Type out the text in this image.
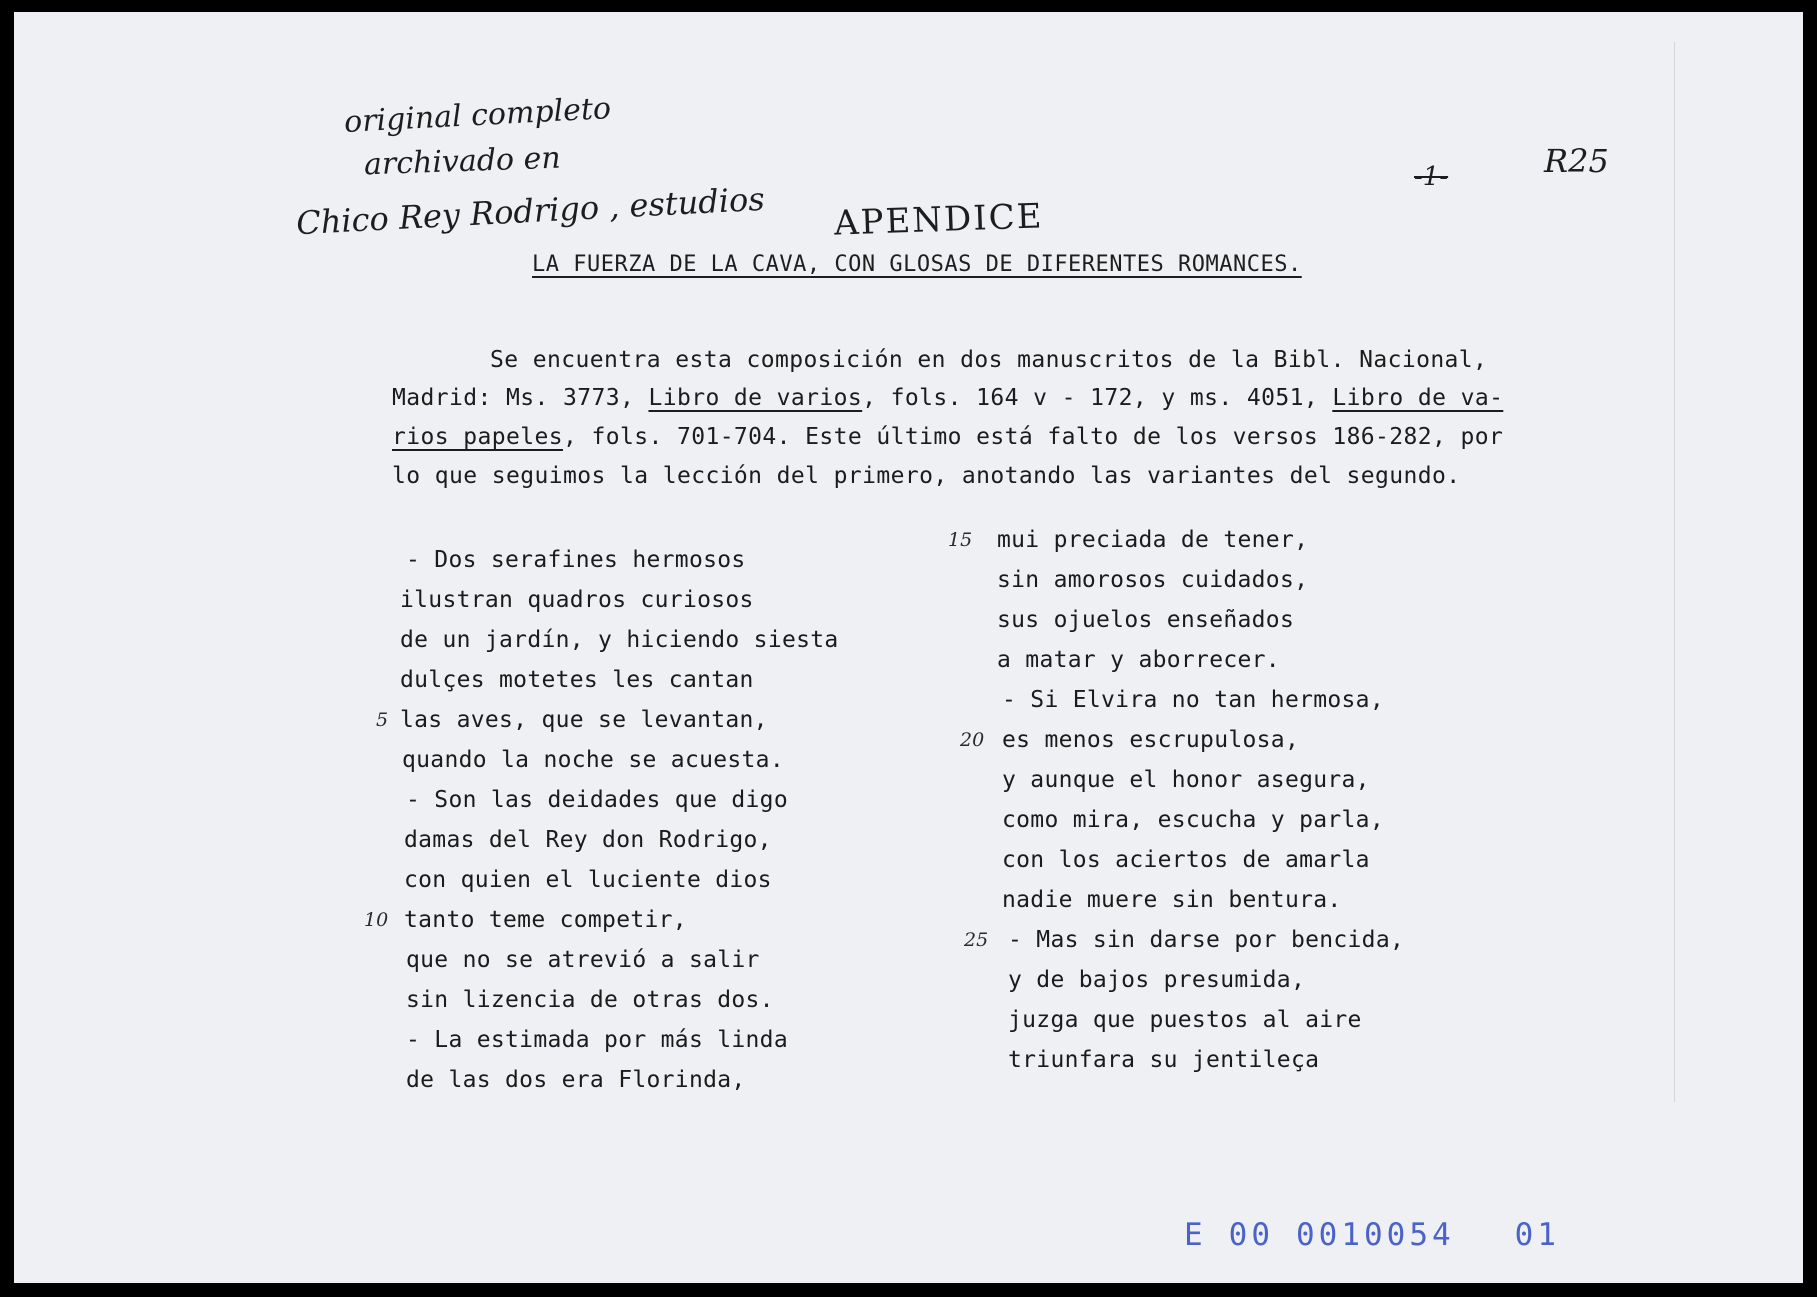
original completo
archivado en
Chico Rey Rodrigo , estudios APENDICE
-1-	R25
LA FUERZA DE LA CAVA, CON GLOSAS DE DIFERENTES ROMANCES.
Se encuentra esta composición en dos manuscritos de la Bibl. Nacional,
Madrid: Ms. 3773, Libro de varios, fols. 164 v - 172, y ms. 4051, Libro de va-
rios papeles, fols. 701-704. Este último está falto de los versos 186-282, por
lo que seguimos la lección del primero, anotando las variantes del segundo.
- Dos serafines hermosos
ilustran quadros curiosos
de un jardín, y hiciendo siesta
dulçes motetes les cantan
las aves, que se levantan,
quando la noche se acuesta.
- Son las deidades que digo
damas del Rey don Rodrigo,
con quien el luciente dios
tanto teme competir,
que no se atrevió a salir
sin lizencia de otras dos.
- La estimada por más linda
de las dos era Florinda,
mui preciada de tener,
sin amorosos cuidados,
sus ojuelos enseñados
a matar y aborrecer.
- Si Elvira no tan hermosa,
es menos escrupulosa,
y aunque el honor asegura,
como mira, escucha y parla,
con los aciertos de amarla
nadie muere sin bentura.
- Mas sin darse por bencida,
y de bajos presumida,
juzga que puestos al aire
triunfara su jentileça
5
10
15
20
25
E 00 0010054 01
